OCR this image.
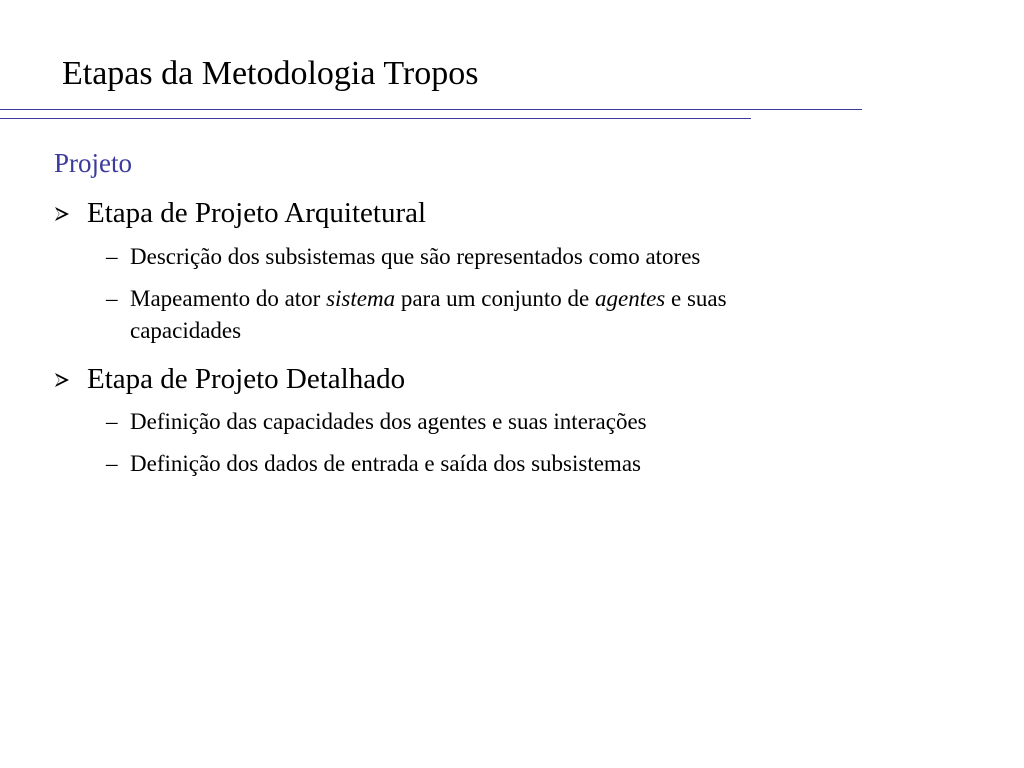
Etapas da Metodologia Tropos
Projeto
Etapa de Projeto Arquitetural
– Descrição dos subsistemas que são representados como atores
– Mapeamento do ator sistema para um conjunto de agentes e suas
capacidades
Etapa de Projeto Detalhado
– Definição das capacidades dos agentes e suas interações
– Definição dos dados de entrada e saída dos subsistemas
